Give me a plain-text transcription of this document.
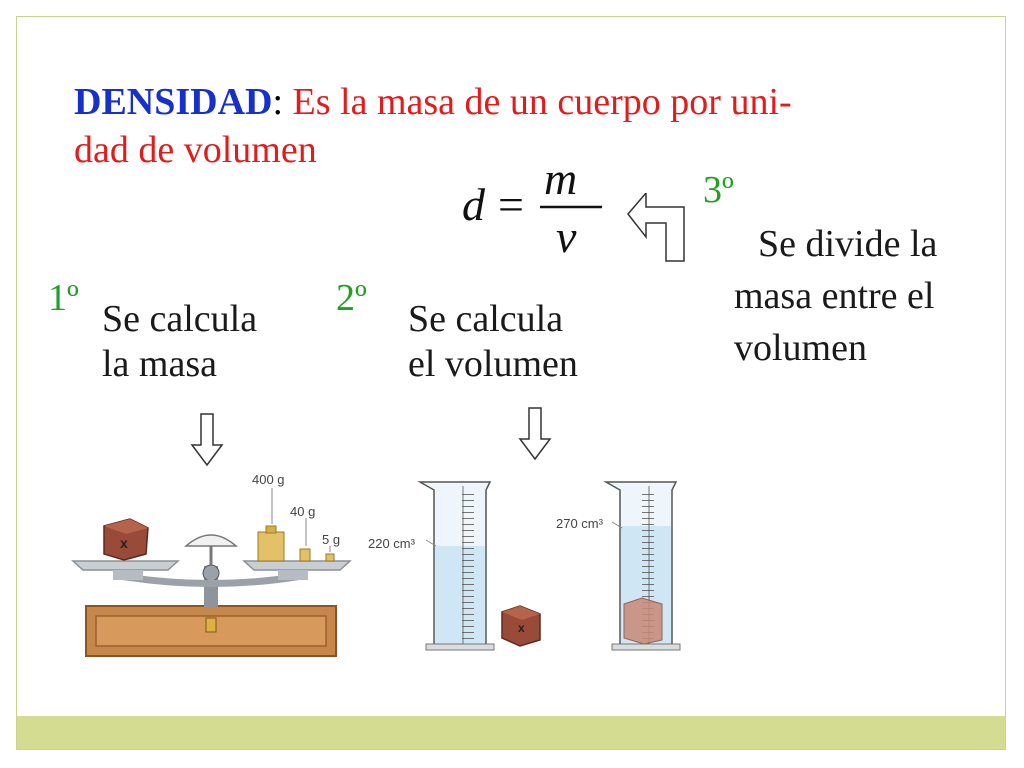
DENSIDAD: Es la masa de un cuerpo por uni-
dad de volumen
d =
m
v
1º	2º
3º
Se calcula
la masa
Se calcula
el volumen
Se divide la
masa entre el
volumen
x
400 g
40 g
5 g 220 cm³
x
270 cm³
